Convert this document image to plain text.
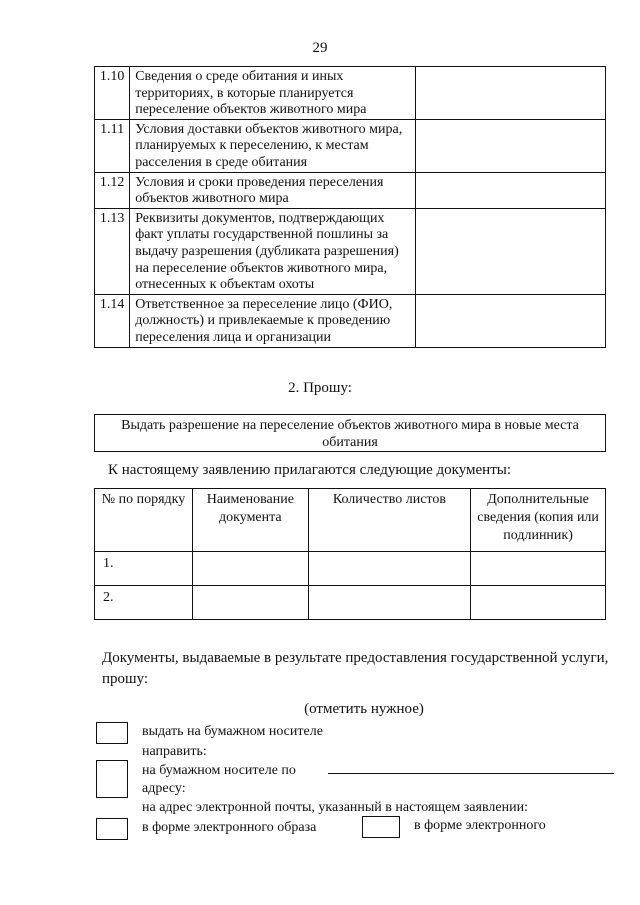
29
1.10	Сведения о среде обитания и иных территориях, в которые планируется переселение объектов животного мира	
1.11	Условия доставки объектов животного мира, планируемых к переселению, к местам расселения в среде обитания	
1.12	Условия и сроки проведения переселения объектов животного мира	
1.13	Реквизиты документов, подтверждающих факт уплаты государственной пошлины за выдачу разрешения (дубликата разрешения) на переселение объектов животного мира, отнесенных к объектам охоты	
1.14	Ответственное за переселение лицо (ФИО, должность) и привлекаемые к проведению переселения лица и организации	
2. Прошу:
Выдать разрешение на переселение объектов животного мира в новые места обитания
К настоящему заявлению прилагаются следующие документы:
№ по порядку	Наименование документа	Количество листов	Дополнительные сведения (копия или подлинник)
1.			
2.			
Документы, выдаваемые в результате предоставления государственной услуги, прошу:
(отметить нужное)
выдать на бумажном носителе
направить:
на бумажном носителе по
адресу:
на адрес электронной почты, указанный в настоящем заявлении:
в форме электронного образа	в форме электронного
